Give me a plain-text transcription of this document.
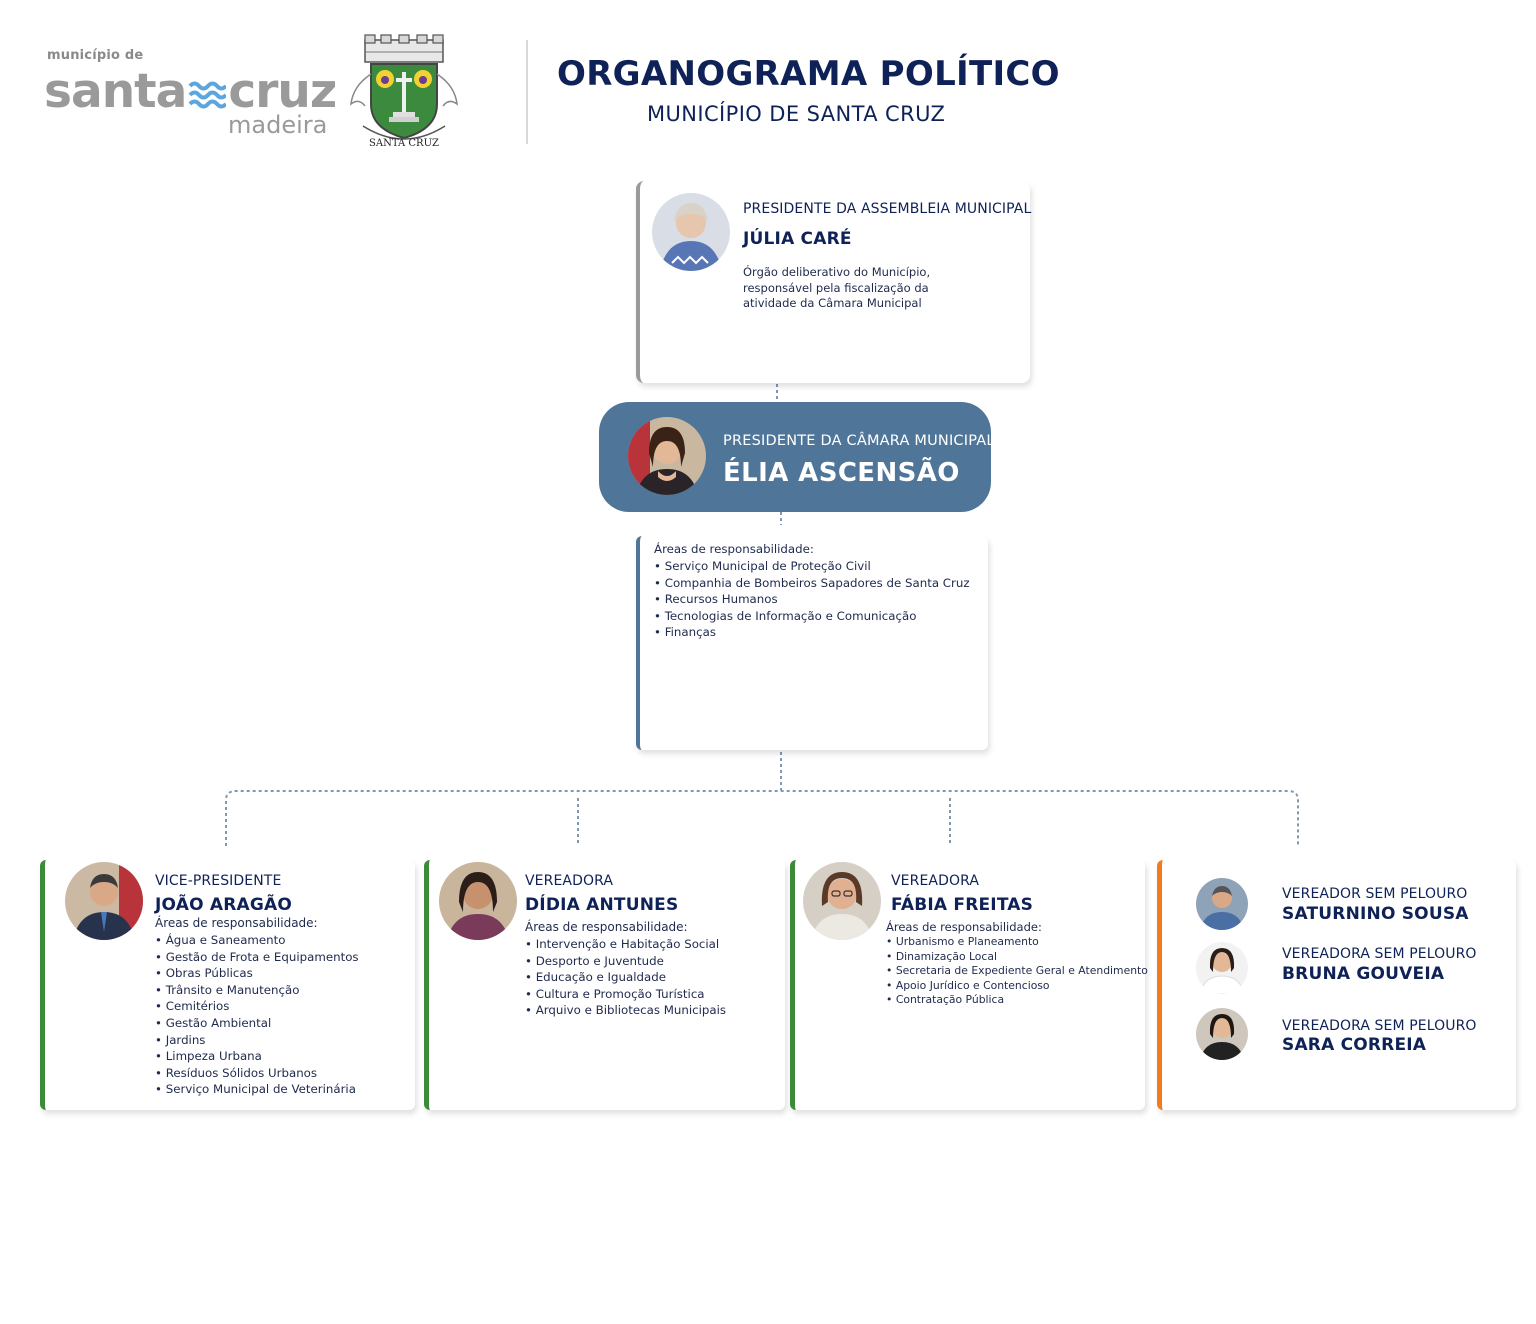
município de
santa cruz
madeira
SANTA CRUZ
ORGANOGRAMA POLÍTICO
MUNICÍPIO DE SANTA CRUZ
PRESIDENTE DA ASSEMBLEIA MUNICIPAL
JÚLIA CARÉ
Órgão deliberativo do Município, responsável pela fiscalização da atividade da Câmara Municipal
PRESIDENTE DA CÂMARA MUNICIPAL
ÉLIA ASCENSÃO
Áreas de responsabilidade:
• Serviço Municipal de Proteção Civil
• Companhia de Bombeiros Sapadores de Santa Cruz
• Recursos Humanos
• Tecnologias de Informação e Comunicação
• Finanças
VICE-PRESIDENTE
JOÃO ARAGÃO
Áreas de responsabilidade:
• Água e Saneamento
• Gestão de Frota e Equipamentos
• Obras Públicas
• Trânsito e Manutenção
• Cemitérios
• Gestão Ambiental
• Jardins
• Limpeza Urbana
• Resíduos Sólidos Urbanos
• Serviço Municipal de Veterinária
VEREADORA
DÍDIA ANTUNES
Áreas de responsabilidade:
• Intervenção e Habitação Social
• Desporto e Juventude
• Educação e Igualdade
• Cultura e Promoção Turística
• Arquivo e Bibliotecas Municipais
VEREADORA
FÁBIA FREITAS
Áreas de responsabilidade:
• Urbanismo e Planeamento
• Dinamização Local
• Secretaria de Expediente Geral e Atendimento
• Apoio Jurídico e Contencioso
• Contratação Pública
VEREADOR SEM PELOURO
SATURNINO SOUSA
VEREADORA SEM PELOURO
BRUNA GOUVEIA
VEREADORA SEM PELOURO
SARA CORREIA
